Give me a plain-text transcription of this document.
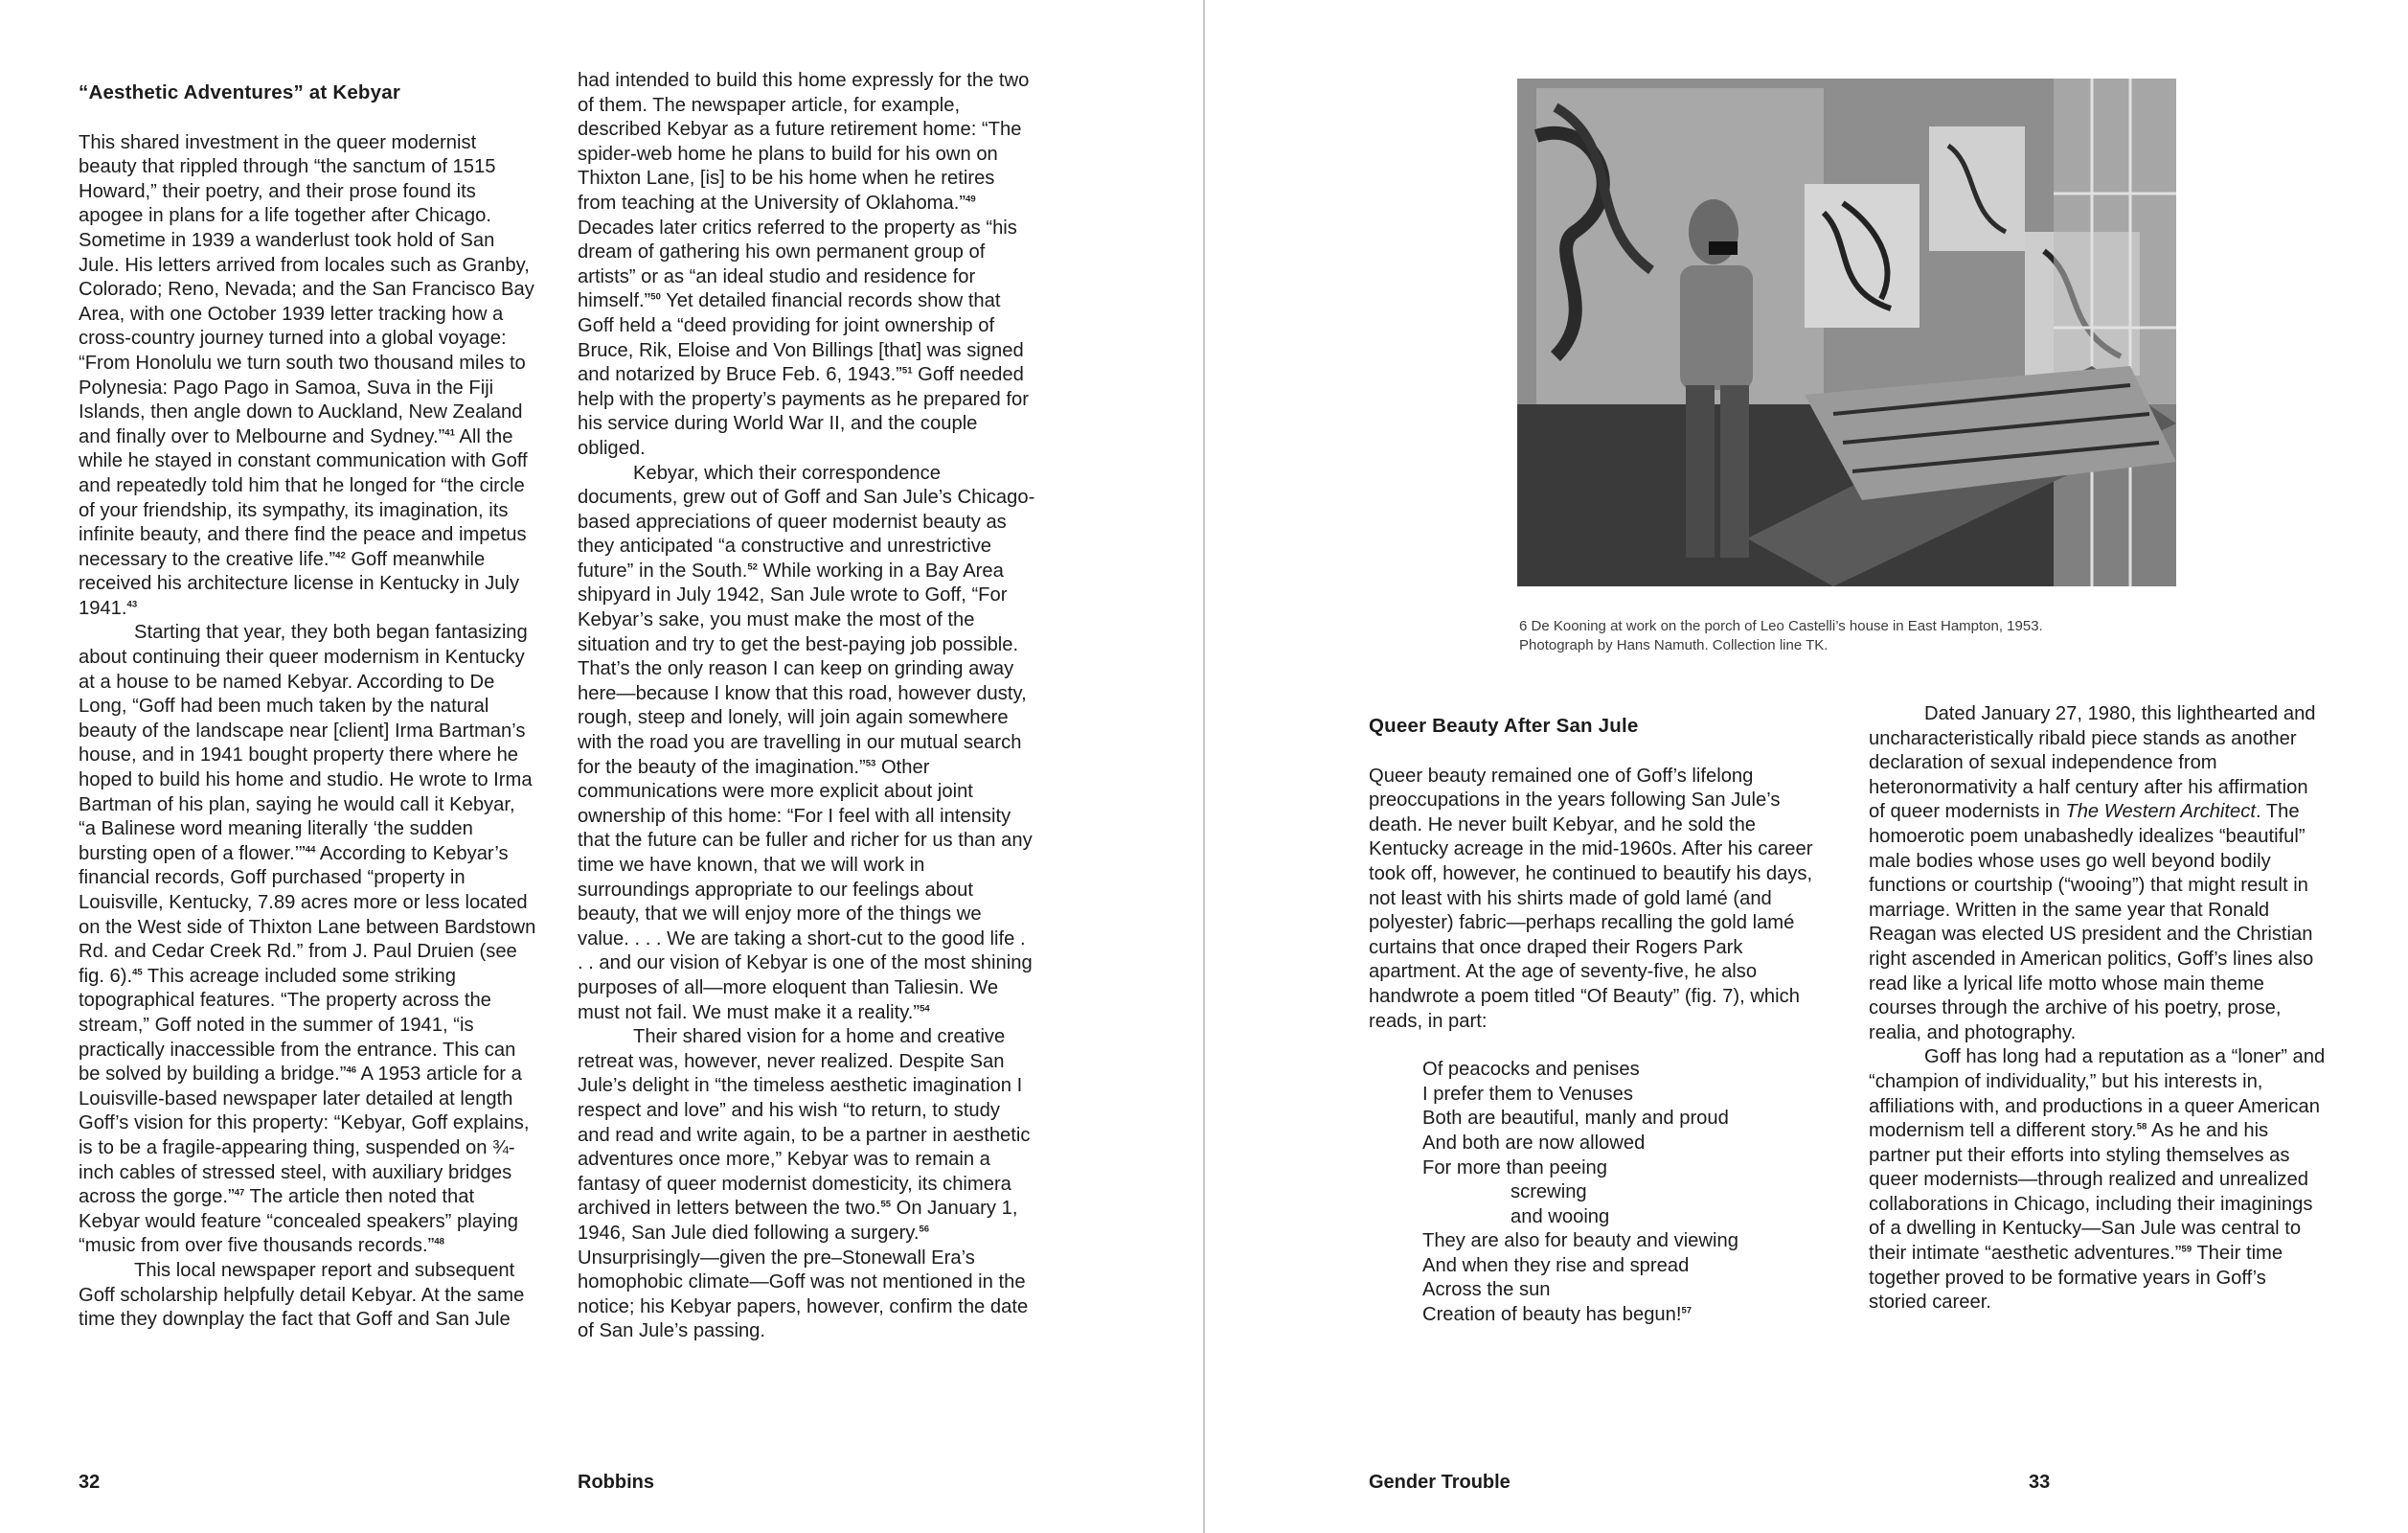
“Aesthetic Adventures” at Kebyar

This shared investment in the queer modernist beauty that rippled through “the sanctum of 1515 Howard,” their poetry, and their prose found its apogee in plans for a life together after Chicago. Sometime in 1939 a wanderlust took hold of San Jule. His letters arrived from locales such as Granby, Colorado; Reno, Nevada; and the San Francisco Bay Area, with one October 1939 letter tracking how a cross-country journey turned into a global voyage: “From Honolulu we turn south two thousand miles to Polynesia: Pago Pago in Samoa, Suva in the Fiji Islands, then angle down to Auckland, New Zealand and finally over to Melbourne and Sydney.”$^{41}$ All the while he stayed in constant communication with Goff and repeatedly told him that he longed for “the circle of your friendship, its sympathy, its imagination, its infinite beauty, and there find the peace and impetus necessary to the creative life.”$^{42}$ Goff meanwhile received his architecture license in Kentucky in July 1941.43

Starting that year, they both began fantasizing about continuing their queer modernism in Kentucky at a house to be named Kebyar. According to De Long, “Goff had been much taken by the natural beauty of the landscape near [client] Irma Bartman’s house, and in 1941 bought property there where he hoped to build his home and studio. He wrote to Irma Bartman of his plan, saying he would call it Kebyar, “a Balinese word meaning literally ‘the sudden bursting open of a flower.’”$^{44}$ According to Kebyar’s financial records, Goff purchased “property in Louisville, Kentucky, 7.89 acres more or less located on the West side of Thixton Lane between Bardstown Rd. and Cedar Creek Rd.” from J. Paul Druien (see fig. 6).$^{45}$ This acreage included some striking topographical features. “The property across the stream,” Goff noted in the summer of 1941, “is practically inaccessible from the entrance. This can be solved by building a bridge.”$^{46}$ A 1953 article for a Louisville-based newspaper later detailed at length Goff’s vision for this property: “Kebyar, Goff explains, is to be a fragile-appearing thing, suspended on ¾-inch cables of stressed steel, with auxiliary bridges across the gorge.”$^{47}$ The article then noted that Kebyar would feature “concealed speakers” playing “music from over five thousands records.”$^{48}$

This local newspaper report and subsequent Goff scholarship helpfully detail Kebyar. At the same time they downplay the fact that Goff and San Jule

had intended to build this home expressly for the two of them. The newspaper article, for example, described Kebyar as a future retirement home: “The spider-web home he plans to build for his own on Thixton Lane, [is] to be his home when he retires from teaching at the University of Oklahoma.”$^{49}$ Decades later critics referred to the property as “his dream of gathering his own permanent group of artists” or as “an ideal studio and residence for himself.”$^{50}$ Yet detailed financial records show that Goff held a “deed providing for joint ownership of Bruce, Rik, Eloise and Von Billings [that] was signed and notarized by Bruce Feb. 6, 1943.”$^{51}$ Goff needed help with the property’s payments as he prepared for his service during World War II, and the couple obliged.

Kebyar, which their correspondence documents, grew out of Goff and San Jule’s Chicago-based appreciations of queer modernist beauty as they anticipated “a constructive and unrestrictive future” in the South.$^{52}$ While working in a Bay Area shipyard in July 1942, San Jule wrote to Goff, “For Kebyar’s sake, you must make the most of the situation and try to get the best-paying job possible. That’s the only reason I can keep on grinding away here—because I know that this road, however dusty, rough, steep and lonely, will join again somewhere with the road you are travelling in our mutual search for the beauty of the imagination.”$^{53}$ Other communications were more explicit about joint ownership of this home: “For I feel with all intensity that the future can be fuller and richer for us than any time we have known, that we will work in surroundings appropriate to our feelings about beauty, that we will enjoy more of the things we value. . . . We are taking a short-cut to the good life . . . and our vision of Kebyar is one of the most shining purposes of all—more eloquent than Taliesin. We must not fail. We must make it a reality.”$^{54}$

Their shared vision for a home and creative retreat was, however, never realized. Despite San Jule’s delight in “the timeless aesthetic imagination I respect and love” and his wish “to return, to study and read and write again, to be a partner in aesthetic adventures once more,” Kebyar was to remain a fantasy of queer modernist domesticity, its chimera archived in letters between the two.$^{55}$ On January 1, 1946, San Jule died following a surgery.$^{56}$ Unsurprisingly—given the pre–Stonewall Era’s homophobic climate—Goff was not mentioned in the notice; his Kebyar papers, however, confirm the date of San Jule’s passing.

6 De Kooning at work on the porch of Leo Castelli’s house in East Hampton, 1953.
Photograph by Hans Namuth. Collection line TK.
Queer Beauty After San Jule

Queer beauty remained one of Goff’s lifelong preoccupations in the years following San Jule’s death. He never built Kebyar, and he sold the Kentucky acreage in the mid-1960s. After his career took off, however, he continued to beautify his days, not least with his shirts made of gold lamé (and polyester) fabric—perhaps recalling the gold lamé curtains that once draped their Rogers Park apartment. At the age of seventy-five, he also handwrote a poem titled “Of Beauty” (fig. 7), which reads, in part:

Of peacocks and penises
I prefer them to Venuses
Both are beautiful, manly and proud
And both are now allowed
For more than peeing
screwing
and wooing
They are also for beauty and viewing
And when they rise and spread
Across the sun
Creation of beauty has begun!$^{57}$

Dated January 27, 1980, this lighthearted and uncharacteristically ribald piece stands as another declaration of sexual independence from heteronormativity a half century after his affirmation of queer modernists in The Western Architect. The homoerotic poem unabashedly idealizes “beautiful” male bodies whose uses go well beyond bodily functions or courtship (“wooing”) that might result in marriage. Written in the same year that Ronald Reagan was elected US president and the Christian right ascended in American politics, Goff’s lines also read like a lyrical life motto whose main theme courses through the archive of his poetry, prose, realia, and photography.

Goff has long had a reputation as a “loner” and “champion of individuality,” but his interests in, affiliations with, and productions in a queer American modernism tell a different story.$^{58}$ As he and his partner put their efforts into styling themselves as queer modernists—through realized and unrealized collaborations in Chicago, including their imaginings of a dwelling in Kentucky—San Jule was central to their intimate “aesthetic adventures.”$^{59}$ Their time together proved to be formative years in Goff’s storied career.

32	Robbins	Gender Trouble	33
